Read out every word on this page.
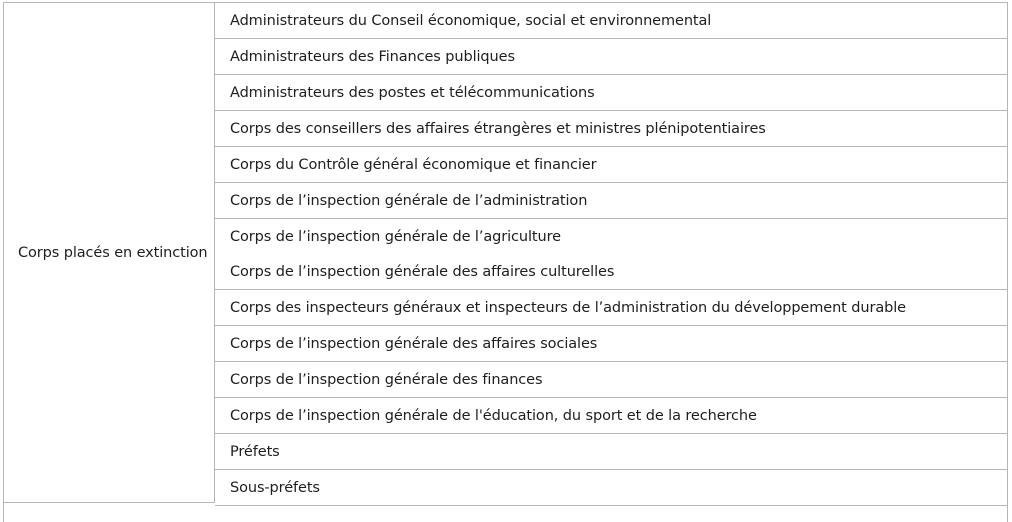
Corps placés en extinction
Administrateurs du Conseil économique, social et environnemental
Administrateurs des Finances publiques
Administrateurs des postes et télécommunications
Corps des conseillers des affaires étrangères et ministres plénipotentiaires
Corps du Contrôle général économique et financier
Corps de l’inspection générale de l’administration
Corps de l’inspection générale de l’agriculture
Corps de l’inspection générale des affaires culturelles
Corps des inspecteurs généraux et inspecteurs de l’administration du développement durable
Corps de l’inspection générale des affaires sociales
Corps de l’inspection générale des finances
Corps de l’inspection générale de l'éducation, du sport et de la recherche
Préfets
Sous-préfets
